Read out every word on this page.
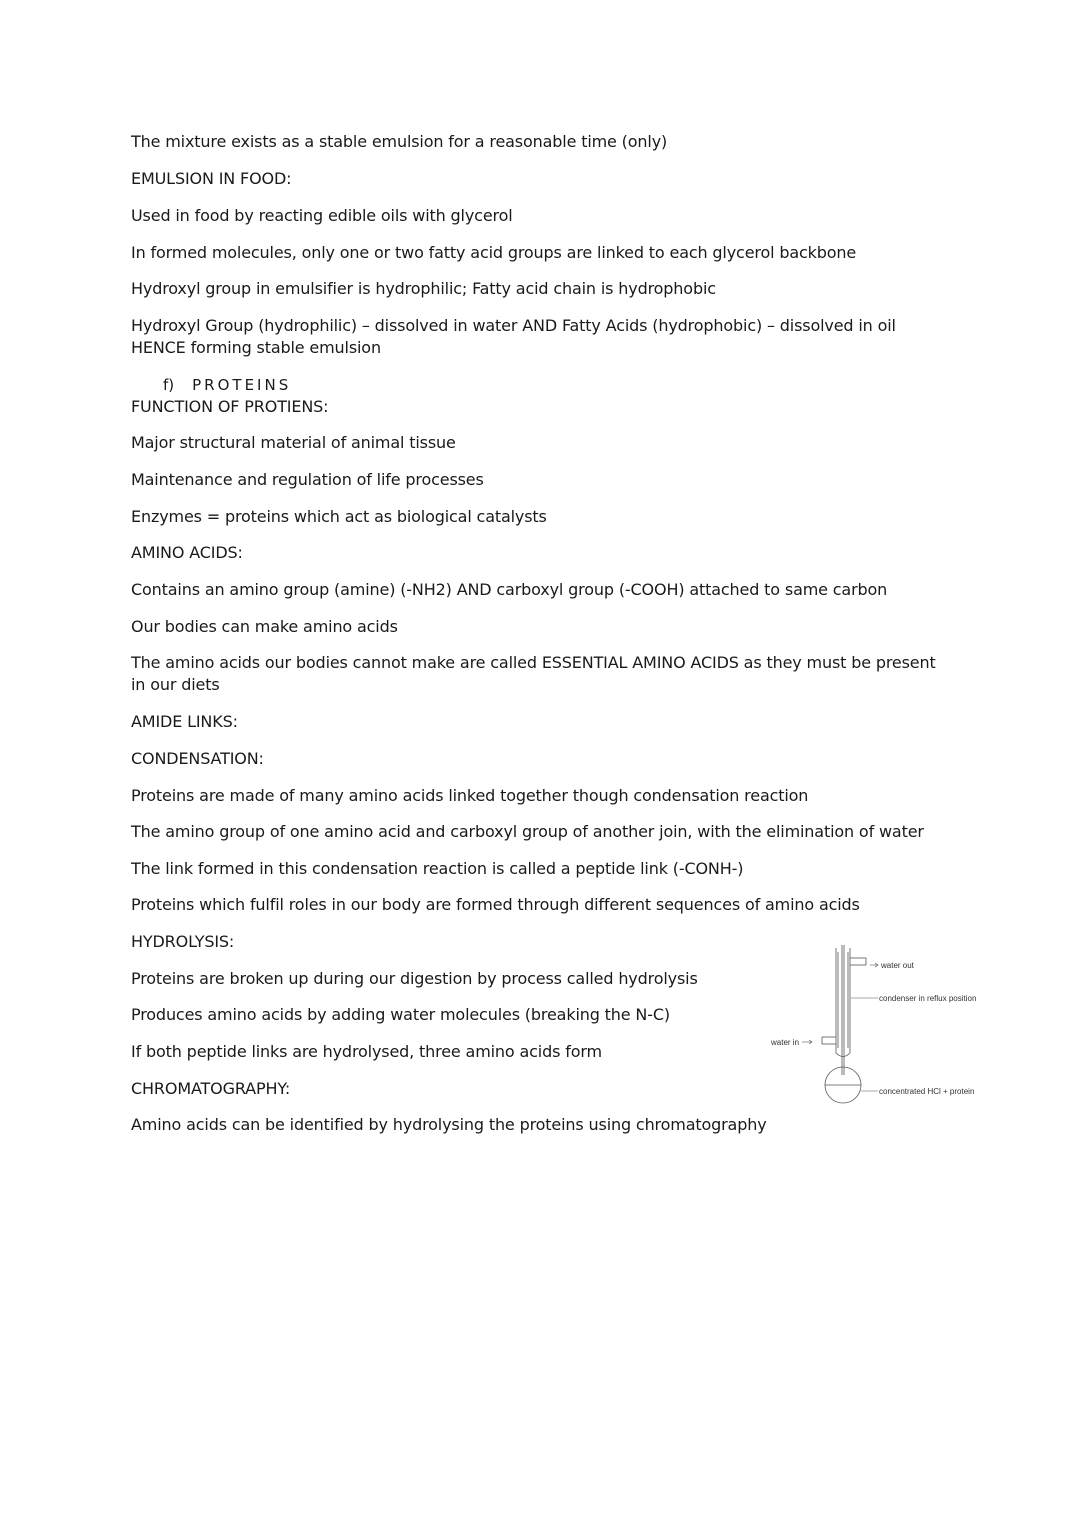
The mixture exists as a stable emulsion for a reasonable time (only)
EMULSION IN FOOD:
Used in food by reacting edible oils with glycerol
In formed molecules, only one or two fatty acid groups are linked to each glycerol backbone
Hydroxyl group in emulsifier is hydrophilic; Fatty acid chain is hydrophobic
Hydroxyl Group (hydrophilic) – dissolved in water AND Fatty Acids (hydrophobic) – dissolved in oil HENCE forming stable emulsion
f) PROTEINS
FUNCTION OF PROTIENS:
Major structural material of animal tissue
Maintenance and regulation of life processes
Enzymes = proteins which act as biological catalysts
AMINO ACIDS:
Contains an amino group (amine) (-NH2) AND carboxyl group (-COOH) attached to same carbon
Our bodies can make amino acids
The amino acids our bodies cannot make are called ESSENTIAL AMINO ACIDS as they must be present in our diets
AMIDE LINKS:
CONDENSATION:
Proteins are made of many amino acids linked together though condensation reaction
The amino group of one amino acid and carboxyl group of another join, with the elimination of water
The link formed in this condensation reaction is called a peptide link (-CONH-)
Proteins which fulfil roles in our body are formed through different sequences of amino acids
HYDROLYSIS:
Proteins are broken up during our digestion by process called hydrolysis
Produces amino acids by adding water molecules (breaking the N-C)
If both peptide links are hydrolysed, three amino acids form
CHROMATOGRAPHY:
Amino acids can be identified by hydrolysing the proteins using chromatography
water out
condenser in reflux position
water in
concentrated HCl + protein
